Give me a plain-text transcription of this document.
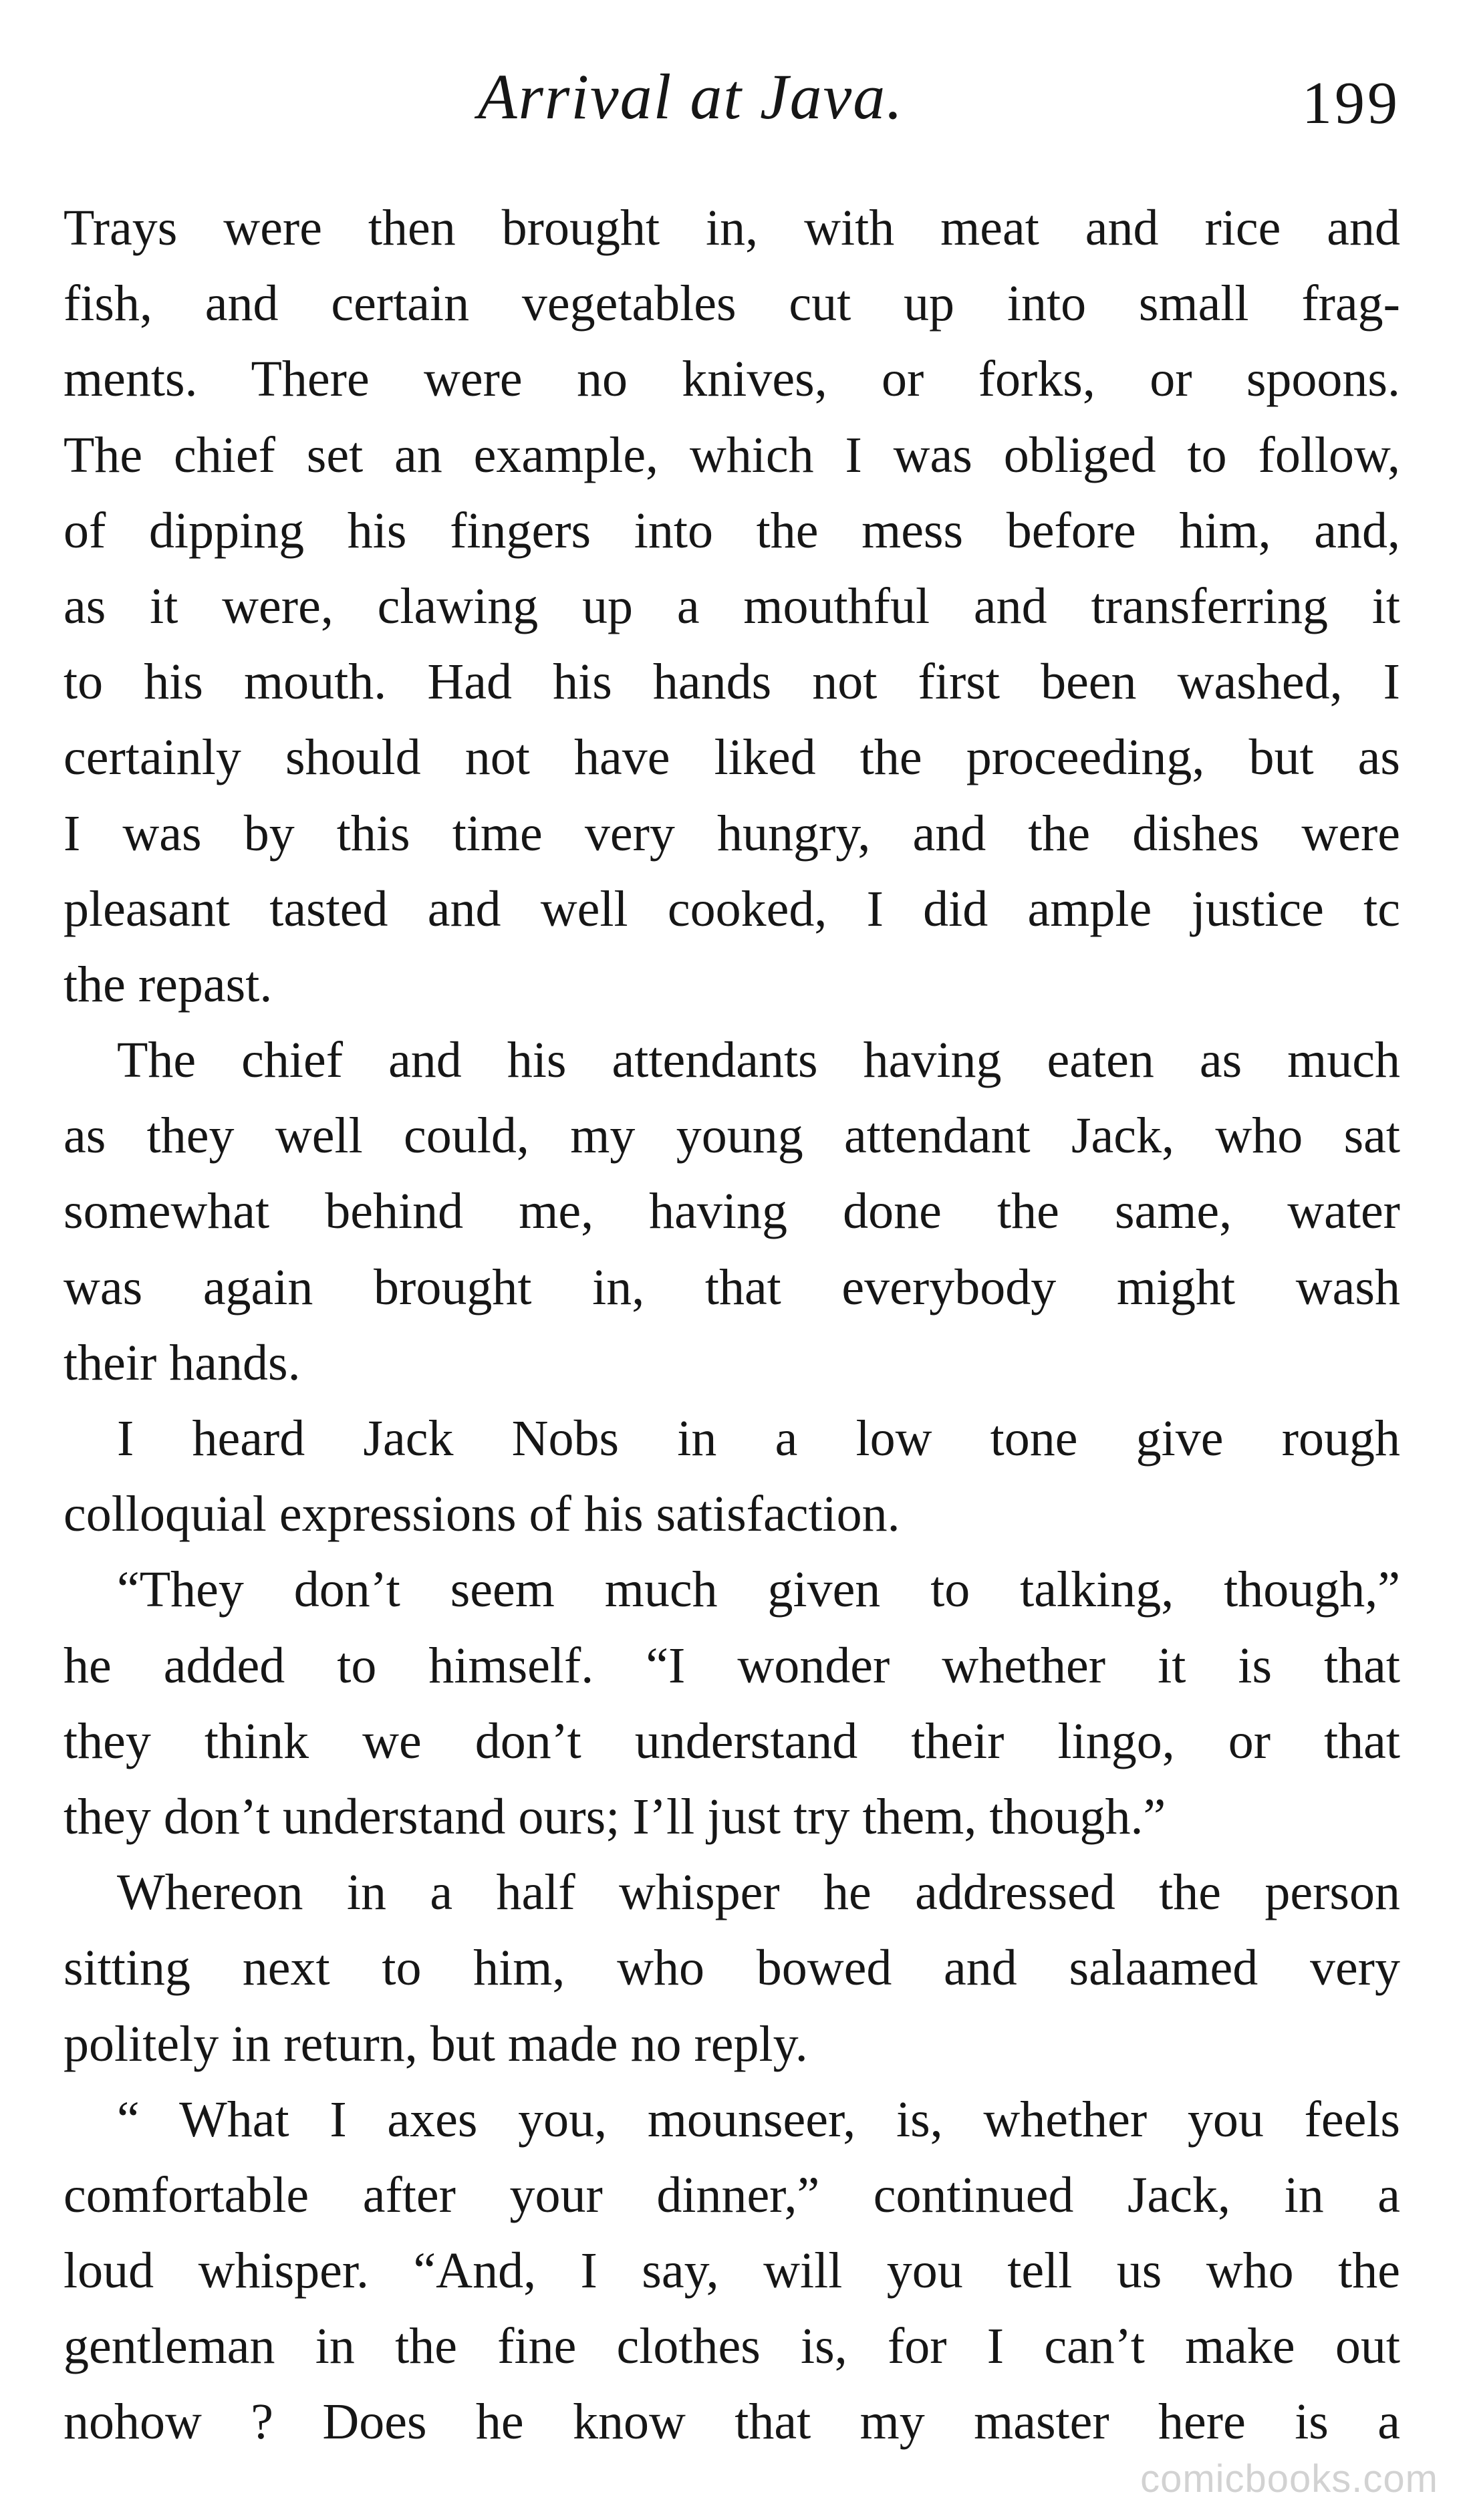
Arrival at Java.	199
Trays were then brought in, with meat and rice and
fish, and certain vegetables cut up into small frag-
ments. There were no knives, or forks, or spoons.
The chief set an example, which I was obliged to follow,
of dipping his fingers into the mess before him, and,
as it were, clawing up a mouthful and transferring it
to his mouth. Had his hands not first been washed, I
certainly should not have liked the proceeding, but as
I was by this time very hungry, and the dishes were
pleasant tasted and well cooked, I did ample justice tc
the repast.
The chief and his attendants having eaten as much
as they well could, my young attendant Jack, who sat
somewhat behind me, having done the same, water
was again brought in, that everybody might wash
their hands.
I heard Jack Nobs in a low tone give rough
colloquial expressions of his satisfaction.
“They don’t seem much given to talking, though,”
he added to himself. “I wonder whether it is that
they think we don’t understand their lingo, or that
they don’t understand ours; I’ll just try them, though.”
Whereon in a half whisper he addressed the person
sitting next to him, who bowed and salaamed very
politely in return, but made no reply.
“ What I axes you, mounseer, is, whether you feels
comfortable after your dinner,” continued Jack, in a
loud whisper. “And, I say, will you tell us who the
gentleman in the fine clothes is, for I can’t make out
nohow ? Does he know that my master here is a
comicbooks.com
